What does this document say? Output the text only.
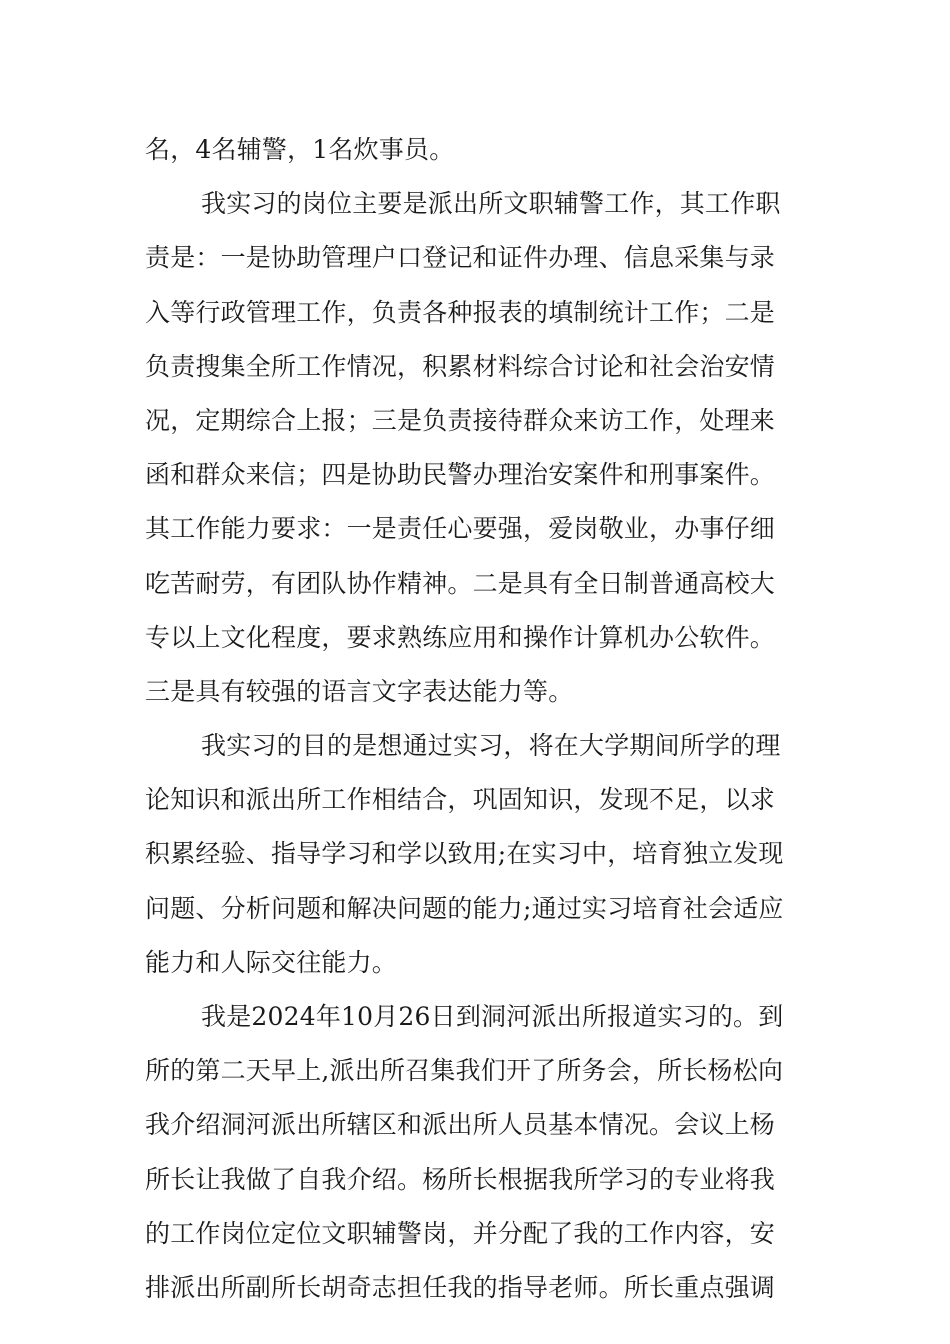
名，4名辅警，1名炊事员。
我实习的岗位主要是派出所文职辅警工作，其工作职
责是：一是协助管理户口登记和证件办理、信息采集与录
入等行政管理工作，负责各种报表的填制统计工作；二是
负责搜集全所工作情况，积累材料综合讨论和社会治安情
况，定期综合上报；三是负责接待群众来访工作，处理来
函和群众来信；四是协助民警办理治安案件和刑事案件。
其工作能力要求：一是责任心要强，爱岗敬业，办事仔细
吃苦耐劳，有团队协作精神。二是具有全日制普通高校大
专以上文化程度，要求熟练应用和操作计算机办公软件。
三是具有较强的语言文字表达能力等。
我实习的目的是想通过实习，将在大学期间所学的理
论知识和派出所工作相结合，巩固知识，发现不足，以求
积累经验、指导学习和学以致用;在实习中，培育独立发现
问题、分析问题和解决问题的能力;通过实习培育社会适应
能力和人际交往能力。
我是2024年10月26日到洞河派出所报道实习的。到
所的第二天早上,派出所召集我们开了所务会，所长杨松向
我介绍洞河派出所辖区和派出所人员基本情况。会议上杨
所长让我做了自我介绍。杨所长根据我所学习的专业将我
的工作岗位定位文职辅警岗，并分配了我的工作内容，安
排派出所副所长胡奇志担任我的指导老师。所长重点强调
